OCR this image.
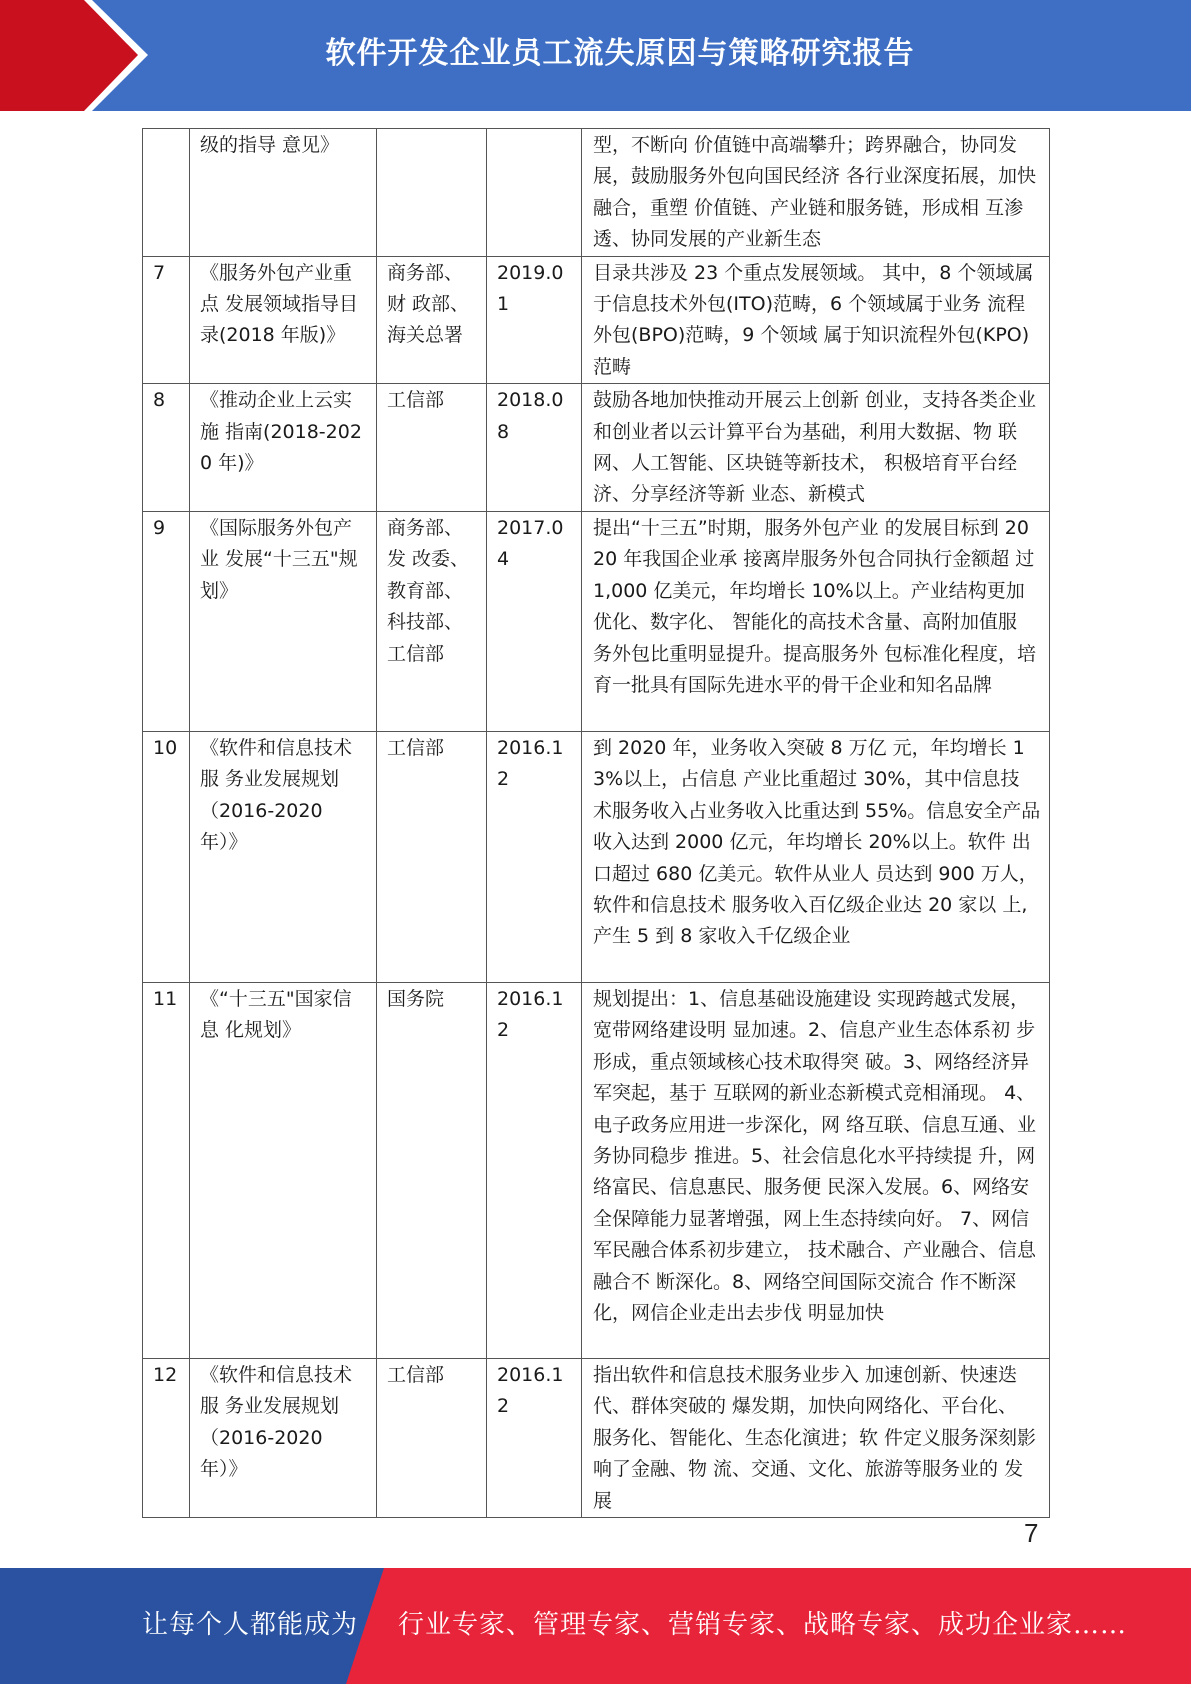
软件开发企业员工流失原因与策略研究报告
	级的指导 意见》			型，不断向 价值链中高端攀升；跨界融合，协同发展，鼓励服务外包向国民经济 各行业深度拓展，加快融合，重塑 价值链、产业链和服务链，形成相 互渗透、协同发展的产业新生态
7	《服务外包产业重点 发展领域指导目录(2018 年版)》	商务部、财 政部、海关总署	2019.01	目录共涉及 23 个重点发展领域。 其中，8 个领域属于信息技术外包(ITO)范畴，6 个领域属于业务 流程外包(BPO)范畴，9 个领域 属于知识流程外包(KPO)范畴
8	《推动企业上云实施 指南(2018-2020 年)》	工信部	2018.08	鼓励各地加快推动开展云上创新 创业，支持各类企业和创业者以云计算平台为基础，利用大数据、物 联网、人工智能、区块链等新技术， 积极培育平台经济、分享经济等新 业态、新模式
9	《国际服务外包产业 发展“十三五"规划》	商务部、发 改委、教育部、科技部、工信部	2017.04	提出“十三五”时期，服务外包产业 的发展目标到 2020 年我国企业承 接离岸服务外包合同执行金额超 过 1,000 亿美元，年均增长 10%以上。产业结构更加优化、数字化、 智能化的高技术含量、高附加值服 务外包比重明显提升。提高服务外 包标准化程度，培育一批具有国际先进水平的骨干企业和知名品牌
10	《软件和信息技术服 务业发展规划（2016-2020 年）》	工信部	2016.12	到 2020 年，业务收入突破 8 万亿 元，年均增长 13%以上，占信息 产业比重超过 30%，其中信息技 术服务收入占业务收入比重达到 55%。信息安全产品收入达到 2000 亿元，年均增长 20%以上。软件 出口超过 680 亿美元。软件从业人 员达到 900 万人，软件和信息技术 服务收入百亿级企业达 20 家以 上,产生 5 到 8 家收入千亿级企业
11	《“十三五"国家信息 化规划》	国务院	2016.12	规划提出：1、信息基础设施建设 实现跨越式发展，宽带网络建设明 显加速。2、信息产业生态体系初 步形成，重点领域核心技术取得突 破。3、网络经济异军突起，基于 互联网的新业态新模式竞相涌现。 4、电子政务应用进一步深化，网 络互联、信息互通、业务协同稳步 推进。5、社会信息化水平持续提 升，网络富民、信息惠民、服务便 民深入发展。6、网络安全保障能力显著增强，网上生态持续向好。 7、网信军民融合体系初步建立， 技术融合、产业融合、信息融合不 断深化。8、网络空间国际交流合 作不断深化，网信企业走出去步伐 明显加快
12	《软件和信息技术服 务业发展规划（2016-2020 年）》	工信部	2016.12	指出软件和信息技术服务业步入 加速创新、快速迭代、群体突破的 爆发期，加快向网络化、平台化、 服务化、智能化、生态化演进；软 件定义服务深刻影响了金融、物 流、交通、文化、旅游等服务业的 发展
7
让每个人都能成为 行业专家、管理专家、营销专家、战略专家、成功企业家……
